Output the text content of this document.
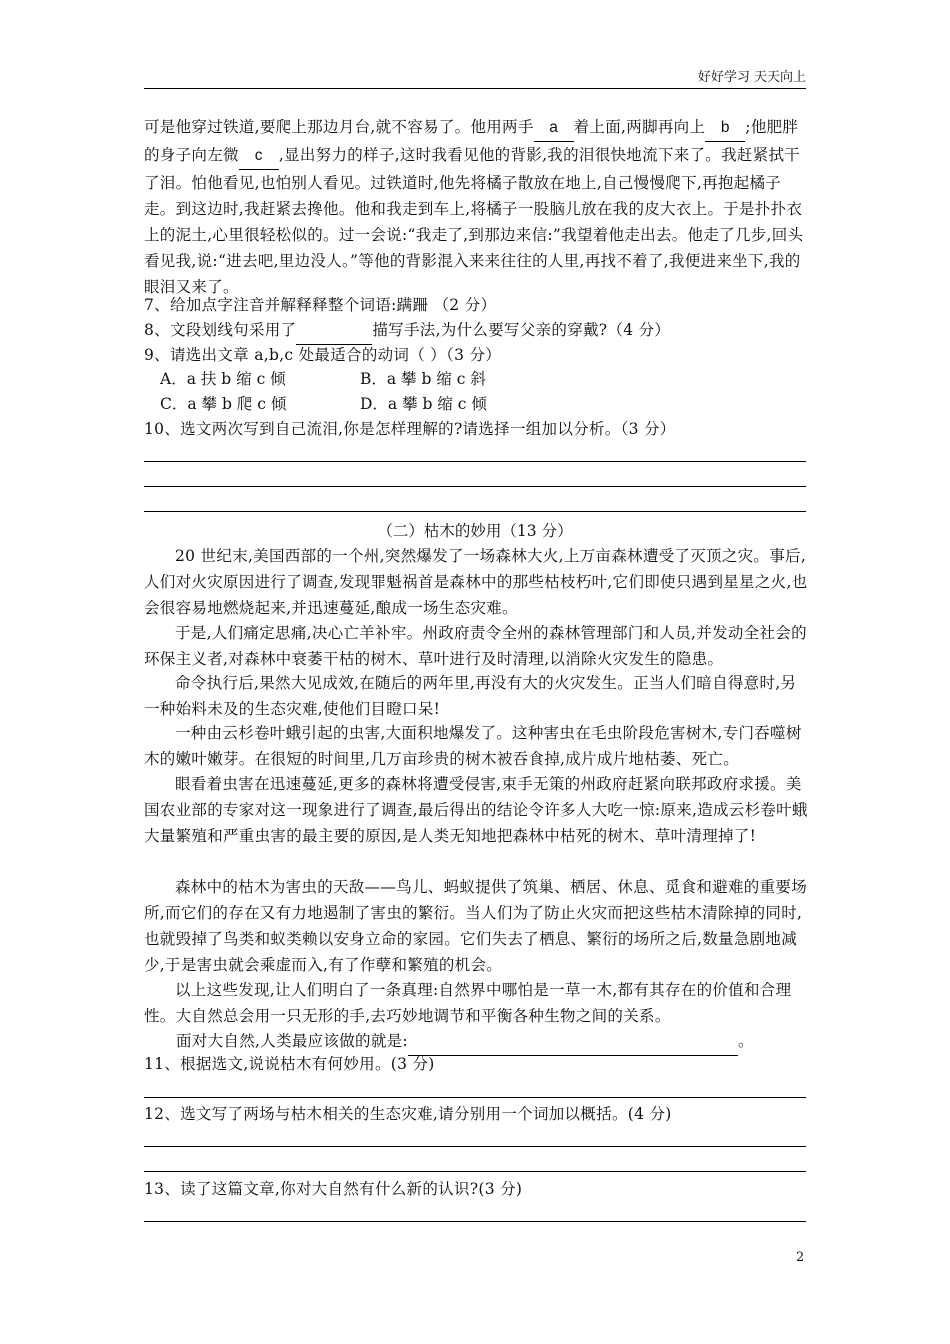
好好学习 天天向上
可是他穿过铁道,要爬上那边月台,就不容易了。他用两手 a 着上面,两脚再向上 b ;他肥胖的身子向左微 c ,显出努力的样子,这时我看见他的背影,我的泪很快地流下来了。我赶紧拭干了泪。怕他看见,也怕别人看见。过铁道时,他先将橘子散放在地上,自己慢慢爬下,再抱起橘子走。到这边时,我赶紧去搀他。他和我走到车上,将橘子一股脑儿放在我的皮大衣上。于是扑扑衣上的泥土,心里很轻松似的。过一会说:“我走了,到那边来信:”我望着他走出去。他走了几步,回头看见我,说:“进去吧,里边没人。”等他的背影混入来来往往的人里,再找不着了,我便进来坐下,我的眼泪又来了。
7、给加点字注音并解释释整个词语:蹒跚 （2 分）
8、文段划线句采用了	描写手法,为什么要写父亲的穿戴?（4 分）
9、请选出文章 a,b,c 处最适合的动词（ ）（3 分）
A．a 扶 b 缩 c 倾	B．a 攀 b 缩 c 斜
C．a 攀 b 爬 c 倾	D．a 攀 b 缩 c 倾
10、选文两次写到自己流泪,你是怎样理解的?请选择一组加以分析。（3 分）
（二）枯木的妙用（13 分）
20 世纪末,美国西部的一个州,突然爆发了一场森林大火,上万亩森林遭受了灭顶之灾。事后,人们对火灾原因进行了调查,发现罪魁祸首是森林中的那些枯枝朽叶,它们即使只遇到星星之火,也会很容易地燃烧起来,并迅速蔓延,酿成一场生态灾难。
于是,人们痛定思痛,决心亡羊补牢。州政府责令全州的森林管理部门和人员,并发动全社会的环保主义者,对森林中衰萎干枯的树木、草叶进行及时清理,以消除火灾发生的隐患。
命令执行后,果然大见成效,在随后的两年里,再没有大的火灾发生。正当人们暗自得意时,另一种始料未及的生态灾难,使他们目瞪口呆!
一种由云杉卷叶蛾引起的虫害,大面积地爆发了。这种害虫在毛虫阶段危害树木,专门吞噬树木的嫩叶嫩芽。在很短的时间里,几万亩珍贵的树木被吞食掉,成片成片地枯萎、死亡。
眼看着虫害在迅速蔓延,更多的森林将遭受侵害,束手无策的州政府赶紧向联邦政府求援。美国农业部的专家对这一现象进行了调查,最后得出的结论令许多人大吃一惊:原来,造成云杉卷叶蛾大量繁殖和严重虫害的最主要的原因,是人类无知地把森林中枯死的树木、草叶清理掉了!
森林中的枯木为害虫的天敌——鸟儿、蚂蚁提供了筑巢、栖居、休息、觅食和避难的重要场所,而它们的存在又有力地遏制了害虫的繁衍。当人们为了防止火灾而把这些枯木清除掉的同时,也就毁掉了鸟类和蚁类赖以安身立命的家园。它们失去了栖息、繁衍的场所之后,数量急剧地减少,于是害虫就会乘虚而入,有了作孽和繁殖的机会。
以上这些发现,让人们明白了一条真理:自然界中哪怕是一草一木,都有其存在的价值和合理性。大自然总会用一只无形的手,去巧妙地调节和平衡各种生物之间的关系。
面对大自然,人类最应该做的就是:	。
11、根据选文,说说枯木有何妙用。(3 分)
12、选文写了两场与枯木相关的生态灾难,请分别用一个词加以概括。(4 分)
13、读了这篇文章,你对大自然有什么新的认识?(3 分)
2
